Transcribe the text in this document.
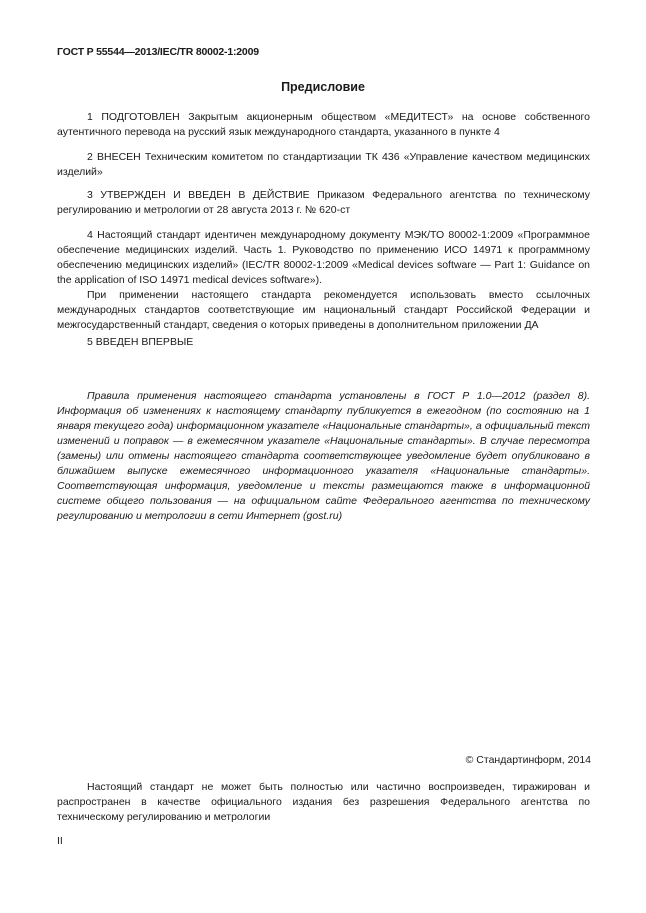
ГОСТ Р 55544—2013/IEC/TR 80002-1:2009
Предисловие

1 ПОДГОТОВЛЕН Закрытым акционерным обществом «МЕДИТЕСТ» на основе собственного аутентичного перевода на русский язык международного стандарта, указанного в пункте 4

2 ВНЕСЕН Техническим комитетом по стандартизации ТК 436 «Управление качеством медицинских изделий»

3 УТВЕРЖДЕН И ВВЕДЕН В ДЕЙСТВИЕ Приказом Федерального агентства по техническому регулированию и метрологии от 28 августа 2013 г. № 620-ст

4 Настоящий стандарт идентичен международному документу МЭК/ТО 80002-1:2009 «Программное обеспечение медицинских изделий. Часть 1. Руководство по применению ИСО 14971 к программному обеспечению медицинских изделий» (IEC/TR 80002-1:2009 «Medical devices software — Part 1: Guidance on the application of ISO 14971 medical devices software»).

При применении настоящего стандарта рекомендуется использовать вместо ссылочных международных стандартов соответствующие им национальный стандарт Российской Федерации и межгосударственный стандарт, сведения о которых приведены в дополнительном приложении ДА

5 ВВЕДЕН ВПЕРВЫЕ

Правила применения настоящего стандарта установлены в ГОСТ Р 1.0—2012 (раздел 8). Информация об изменениях к настоящему стандарту публикуется в ежегодном (по состоянию на 1 января текущего года) информационном указателе «Национальные стандарты», а официальный текст изменений и поправок — в ежемесячном указателе «Национальные стандарты». В случае пересмотра (замены) или отмены настоящего стандарта соответствующее уведомление будет опубликовано в ближайшем выпуске ежемесячного информационного указателя «Национальные стандарты». Соответствующая информация, уведомление и тексты размещаются также в информационной системе общего пользования — на официальном сайте Федерального агентства по техническому регулированию и метрологии в сети Интернет (gost.ru)

© Стандартинформ, 2014

Настоящий стандарт не может быть полностью или частично воспроизведен, тиражирован и распространен в качестве официального издания без разрешения Федерального агентства по техническому регулированию и метрологии

II
